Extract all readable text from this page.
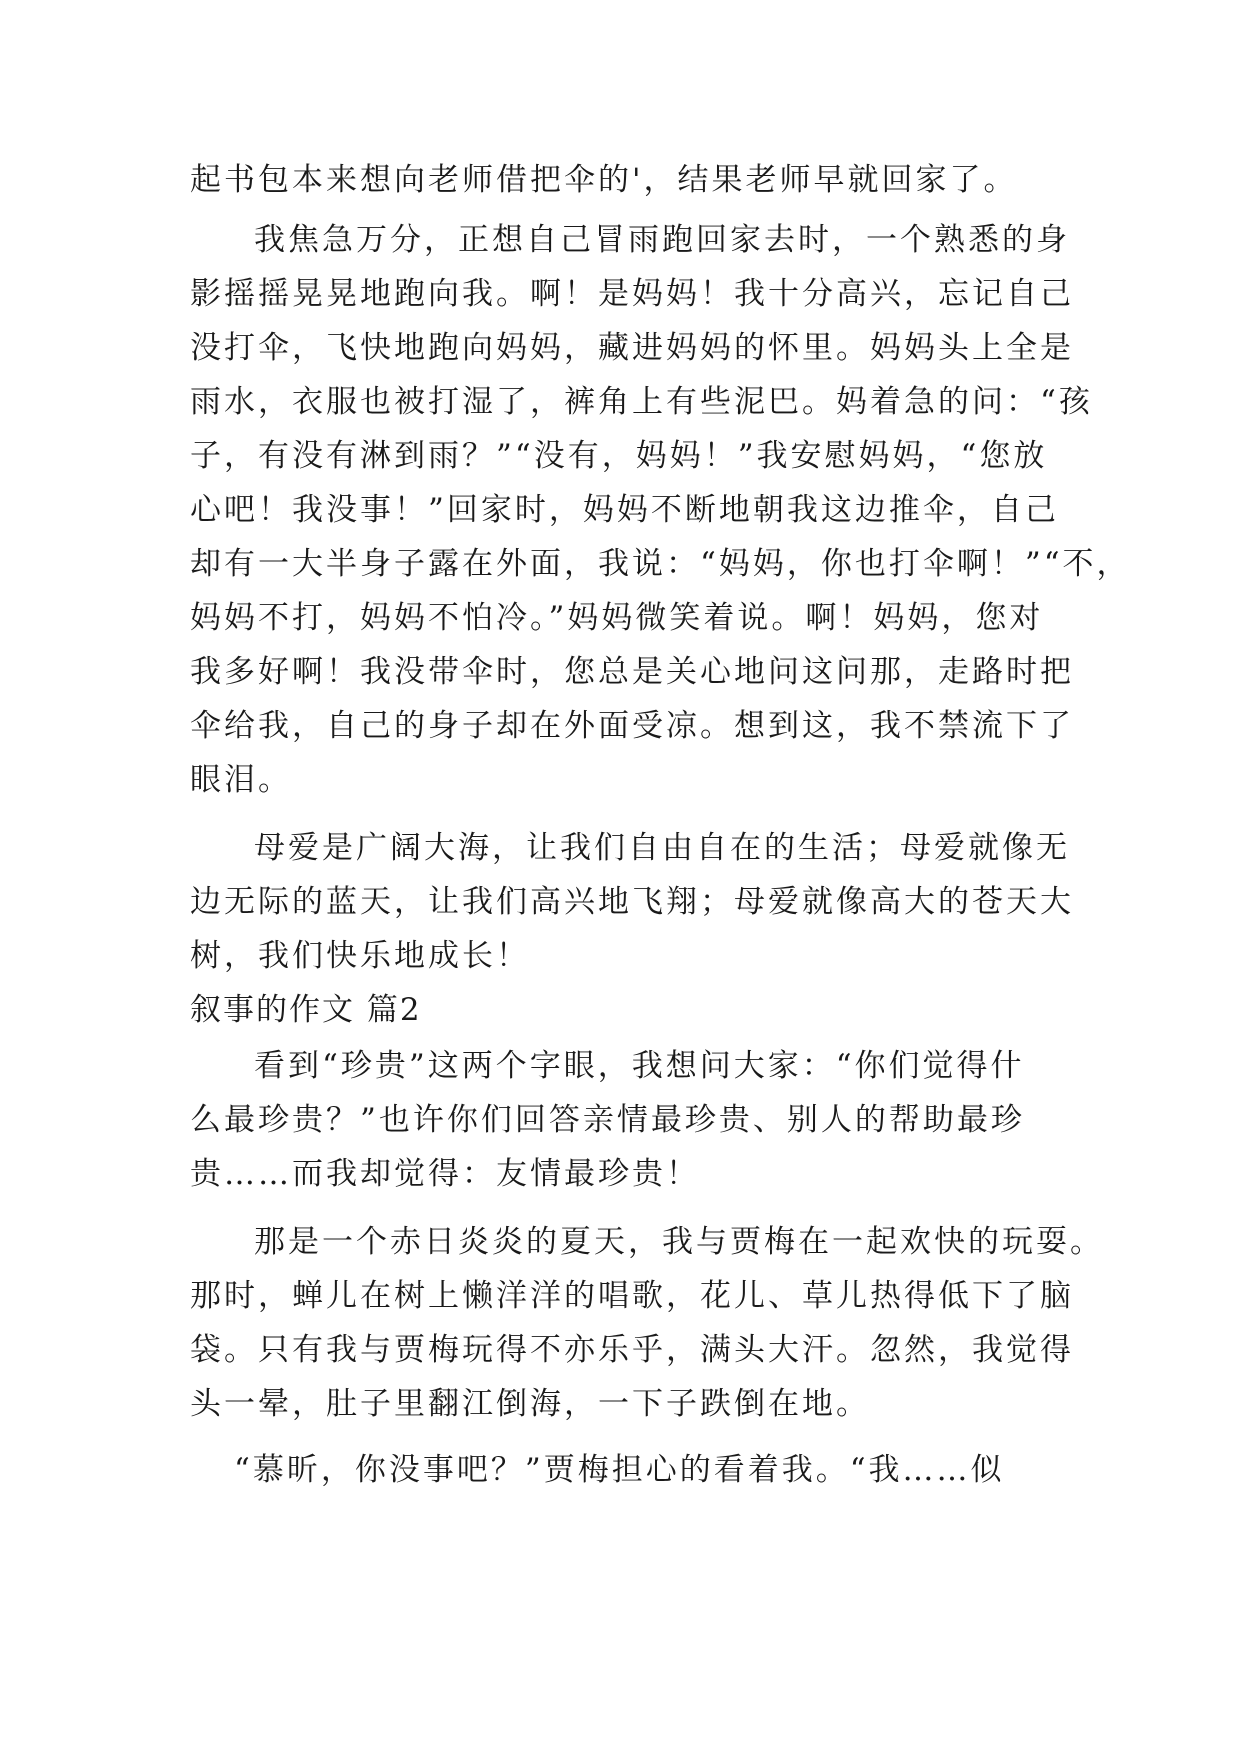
起书包本来想向老师借把伞的'，结果老师早就回家了。
我焦急万分，正想自己冒雨跑回家去时，一个熟悉的身
影摇摇晃晃地跑向我。啊！是妈妈！我十分高兴，忘记自己
没打伞，飞快地跑向妈妈，藏进妈妈的怀里。妈妈头上全是
雨水，衣服也被打湿了，裤角上有些泥巴。妈着急的问：“孩
子，有没有淋到雨？”“没有，妈妈！”我安慰妈妈，“您放
心吧！我没事！”回家时，妈妈不断地朝我这边推伞，自己
却有一大半身子露在外面，我说：“妈妈，你也打伞啊！”“不，
妈妈不打，妈妈不怕冷。”妈妈微笑着说。啊！妈妈，您对
我多好啊！我没带伞时，您总是关心地问这问那，走路时把
伞给我，自己的身子却在外面受凉。想到这，我不禁流下了
眼泪。
母爱是广阔大海，让我们自由自在的生活；母爱就像无
边无际的蓝天，让我们高兴地飞翔；母爱就像高大的苍天大
树，我们快乐地成长！
叙事的作文 篇2
看到“珍贵”这两个字眼，我想问大家：“你们觉得什
么最珍贵？”也许你们回答亲情最珍贵、别人的帮助最珍
贵……而我却觉得：友情最珍贵！
那是一个赤日炎炎的夏天，我与贾梅在一起欢快的玩耍。
那时，蝉儿在树上懒洋洋的唱歌，花儿、草儿热得低下了脑
袋。只有我与贾梅玩得不亦乐乎，满头大汗。忽然，我觉得
头一晕，肚子里翻江倒海，一下子跌倒在地。
“慕昕，你没事吧？”贾梅担心的看着我。“我……似
